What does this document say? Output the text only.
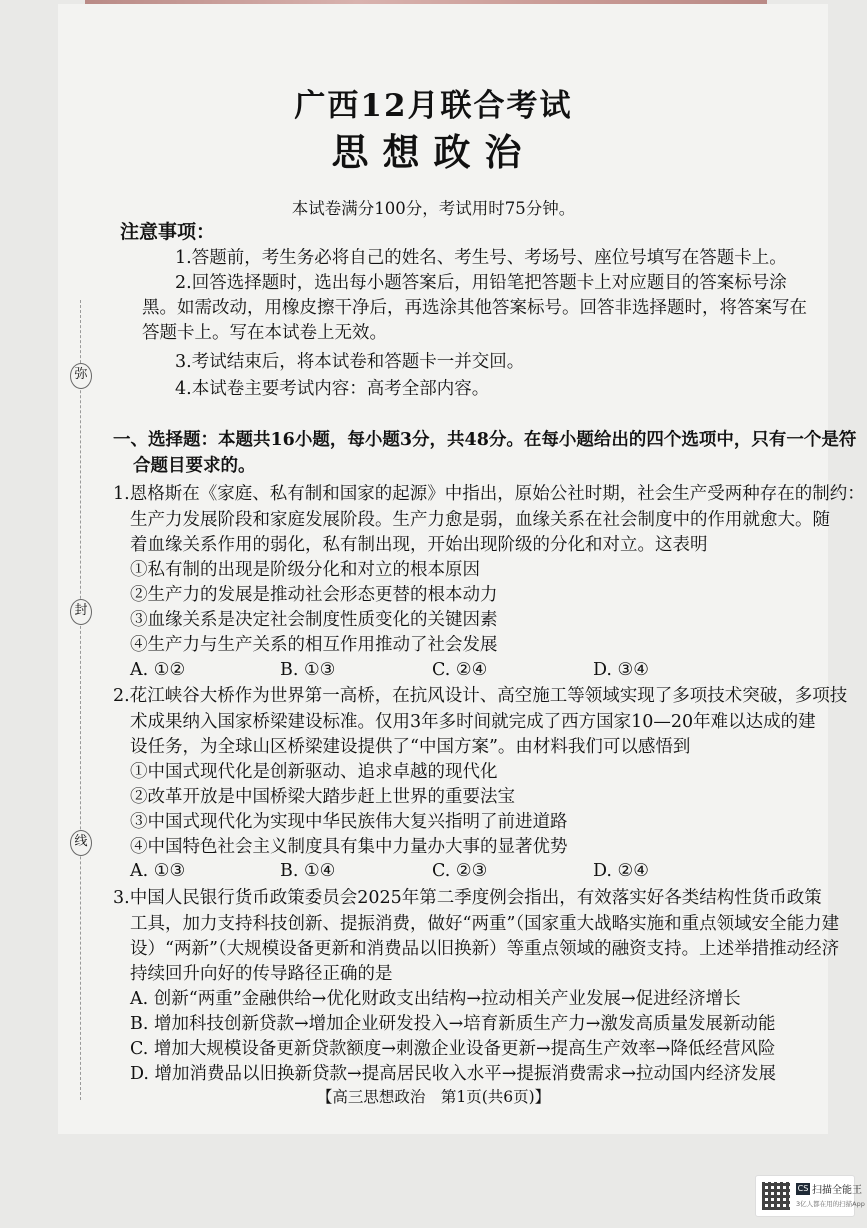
弥
封
线
广西12月联合考试
思想政治
本试卷满分100分，考试用时75分钟。
注意事项：
1.答题前，考生务必将自己的姓名、考生号、考场号、座位号填写在答题卡上。
2.回答选择题时，选出每小题答案后，用铅笔把答题卡上对应题目的答案标号涂
黑。如需改动，用橡皮擦干净后，再选涂其他答案标号。回答非选择题时，将答案写在
答题卡上。写在本试卷上无效。
3.考试结束后，将本试卷和答题卡一并交回。
4.本试卷主要考试内容：高考全部内容。
一、选择题：本题共16小题，每小题3分，共48分。在每小题给出的四个选项中，只有一个是符
合题目要求的。
1.恩格斯在《家庭、私有制和国家的起源》中指出，原始公社时期，社会生产受两种存在的制约：
生产力发展阶段和家庭发展阶段。生产力愈是弱，血缘关系在社会制度中的作用就愈大。随
着血缘关系作用的弱化，私有制出现，开始出现阶级的分化和对立。这表明
①私有制的出现是阶级分化和对立的根本原因
②生产力的发展是推动社会形态更替的根本动力
③血缘关系是决定社会制度性质变化的关键因素
④生产力与生产关系的相互作用推动了社会发展
A. ①②	B. ①③	C. ②④	D. ③④
2.花江峡谷大桥作为世界第一高桥，在抗风设计、高空施工等领域实现了多项技术突破，多项技
术成果纳入国家桥梁建设标准。仅用3年多时间就完成了西方国家10—20年难以达成的建
设任务，为全球山区桥梁建设提供了“中国方案”。由材料我们可以感悟到
①中国式现代化是创新驱动、追求卓越的现代化
②改革开放是中国桥梁大踏步赶上世界的重要法宝
③中国式现代化为实现中华民族伟大复兴指明了前进道路
④中国特色社会主义制度具有集中力量办大事的显著优势
A. ①③	B. ①④	C. ②③	D. ②④
3.中国人民银行货币政策委员会2025年第二季度例会指出，有效落实好各类结构性货币政策
工具，加力支持科技创新、提振消费，做好“两重”（国家重大战略实施和重点领域安全能力建
设）“两新”（大规模设备更新和消费品以旧换新）等重点领域的融资支持。上述举措推动经济
持续回升向好的传导路径正确的是
A. 创新“两重”金融供给→优化财政支出结构→拉动相关产业发展→促进经济增长
B. 增加科技创新贷款→增加企业研发投入→培育新质生产力→激发高质量发展新动能
C. 增加大规模设备更新贷款额度→刺激企业设备更新→提高生产效率→降低经营风险
D. 增加消费品以旧换新贷款→提高居民收入水平→提振消费需求→拉动国内经济发展
【高三思想政治　第1页(共6页)】
CS 扫描全能王
3亿人都在用的扫描App
